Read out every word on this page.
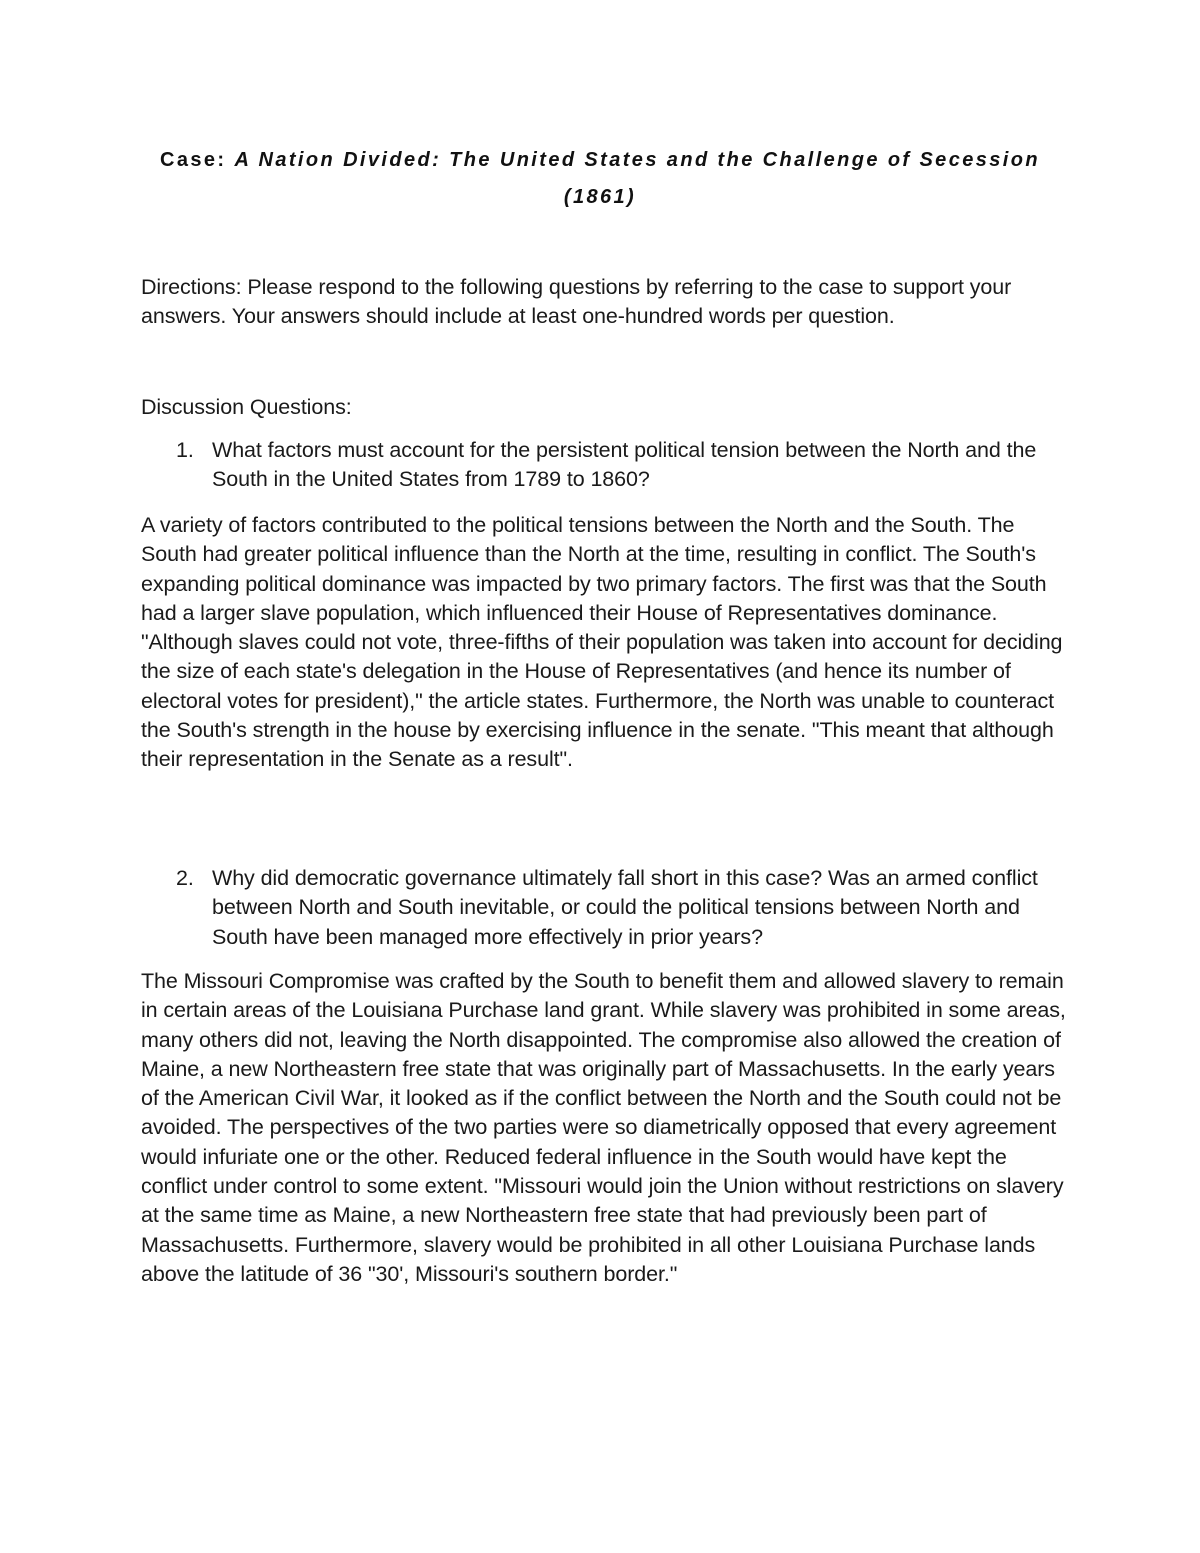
Case: A Nation Divided: The United States and the Challenge of Secession (1861)
Directions: Please respond to the following questions by referring to the case to support your answers. Your answers should include at least one-hundred words per question.
Discussion Questions:
1. What factors must account for the persistent political tension between the North and the South in the United States from 1789 to 1860?
A variety of factors contributed to the political tensions between the North and the South. The South had greater political influence than the North at the time, resulting in conflict. The South's expanding political dominance was impacted by two primary factors. The first was that the South had a larger slave population, which influenced their House of Representatives dominance. "Although slaves could not vote, three-fifths of their population was taken into account for deciding the size of each state's delegation in the House of Representatives (and hence its number of electoral votes for president)," the article states. Furthermore, the North was unable to counteract the South's strength in the house by exercising influence in the senate. "This meant that although their representation in the Senate as a result".
2. Why did democratic governance ultimately fall short in this case? Was an armed conflict between North and South inevitable, or could the political tensions between North and South have been managed more effectively in prior years?
The Missouri Compromise was crafted by the South to benefit them and allowed slavery to remain in certain areas of the Louisiana Purchase land grant. While slavery was prohibited in some areas, many others did not, leaving the North disappointed. The compromise also allowed the creation of Maine, a new Northeastern free state that was originally part of Massachusetts. In the early years of the American Civil War, it looked as if the conflict between the North and the South could not be avoided. The perspectives of the two parties were so diametrically opposed that every agreement would infuriate one or the other. Reduced federal influence in the South would have kept the conflict under control to some extent. "Missouri would join the Union without restrictions on slavery at the same time as Maine, a new Northeastern free state that had previously been part of Massachusetts. Furthermore, slavery would be prohibited in all other Louisiana Purchase lands above the latitude of 36 "30', Missouri's southern border."
